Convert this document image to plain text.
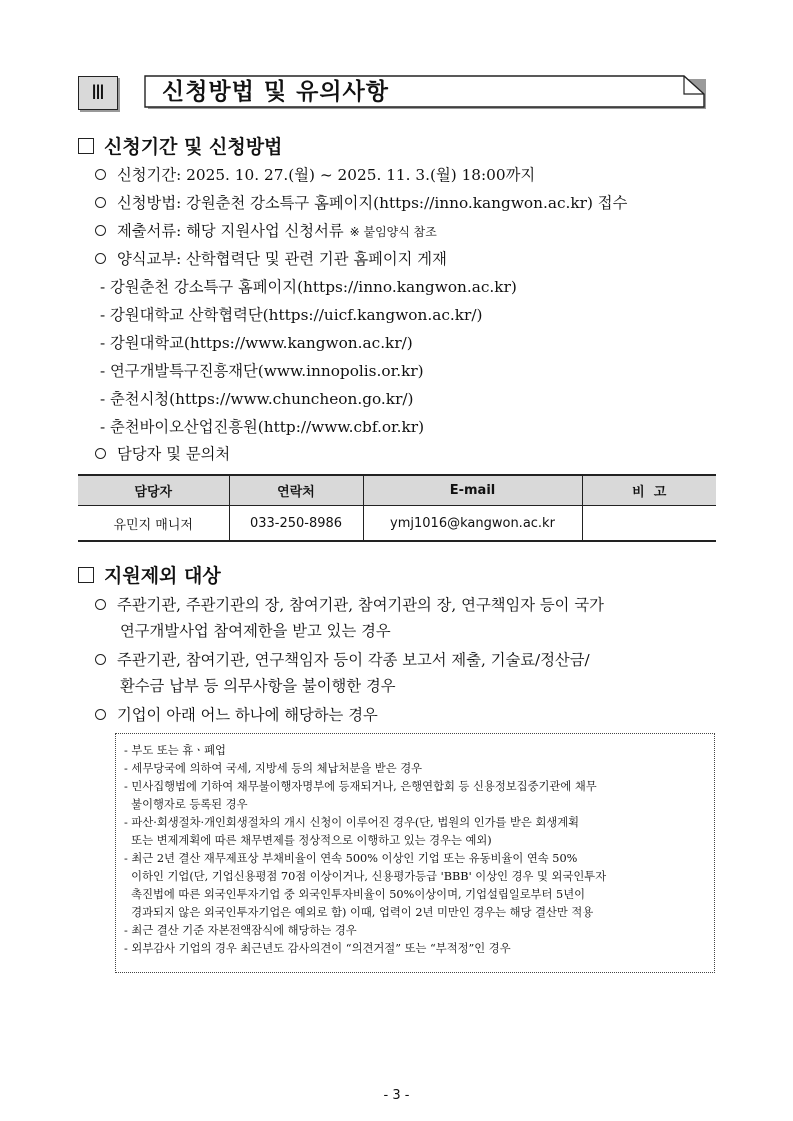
Ⅲ	신청방법 및 유의사항
신청기간 및 신청방법
신청기간: 2025. 10. 27.(월) ~ 2025. 11. 3.(월) 18:00까지
신청방법: 강원춘천 강소특구 홈페이지(https://inno.kangwon.ac.kr) 접수
제출서류: 해당 지원사업 신청서류 ※ 붙임양식 참조
양식교부: 산학협력단 및 관련 기관 홈페이지 게재
- 강원춘천 강소특구 홈페이지(https://inno.kangwon.ac.kr)
- 강원대학교 산학협력단(https://uicf.kangwon.ac.kr/)
- 강원대학교(https://www.kangwon.ac.kr/)
- 연구개발특구진흥재단(www.innopolis.or.kr)
- 춘천시청(https://www.chuncheon.go.kr/)
- 춘천바이오산업진흥원(http://www.cbf.or.kr)
담당자 및 문의처
담당자	연락처	E-mail	비  고
유민지 매니저	033-250-8986	ymj1016@kangwon.ac.kr	
지원제외 대상
주관기관, 주관기관의 장, 참여기관, 참여기관의 장, 연구책임자 등이 국가
연구개발사업 참여제한을 받고 있는 경우
주관기관, 참여기관, 연구책임자 등이 각종 보고서 제출, 기술료/정산금/
환수금 납부 등 의무사항을 불이행한 경우
기업이 아래 어느 하나에 해당하는 경우
- 부도 또는 휴ㆍ폐업
- 세무당국에 의하여 국세, 지방세 등의 체납처분을 받은 경우
- 민사집행법에 기하여 채무불이행자명부에 등재되거나, 은행연합회 등 신용정보집중기관에 채무
불이행자로 등록된 경우
- 파산·회생절차·개인회생절차의 개시 신청이 이루어진 경우(단, 법원의 인가를 받은 회생계획
또는 변제계획에 따른 채무변제를 정상적으로 이행하고 있는 경우는 예외)
- 최근 2년 결산 재무제표상 부채비율이 연속 500% 이상인 기업 또는 유동비율이 연속 50%
이하인 기업(단, 기업신용평점 70점 이상이거나, 신용평가등급 'BBB' 이상인 경우 및 외국인투자
촉진법에 따른 외국인투자기업 중 외국인투자비율이 50%이상이며, 기업설립일로부터 5년이
경과되지 않은 외국인투자기업은 예외로 함) 이때, 업력이 2년 미만인 경우는 해당 결산만 적용
- 최근 결산 기준 자본전액잠식에 해당하는 경우
- 외부감사 기업의 경우 최근년도 감사의견이 “의견거절” 또는 “부적정”인 경우
- 3 -
